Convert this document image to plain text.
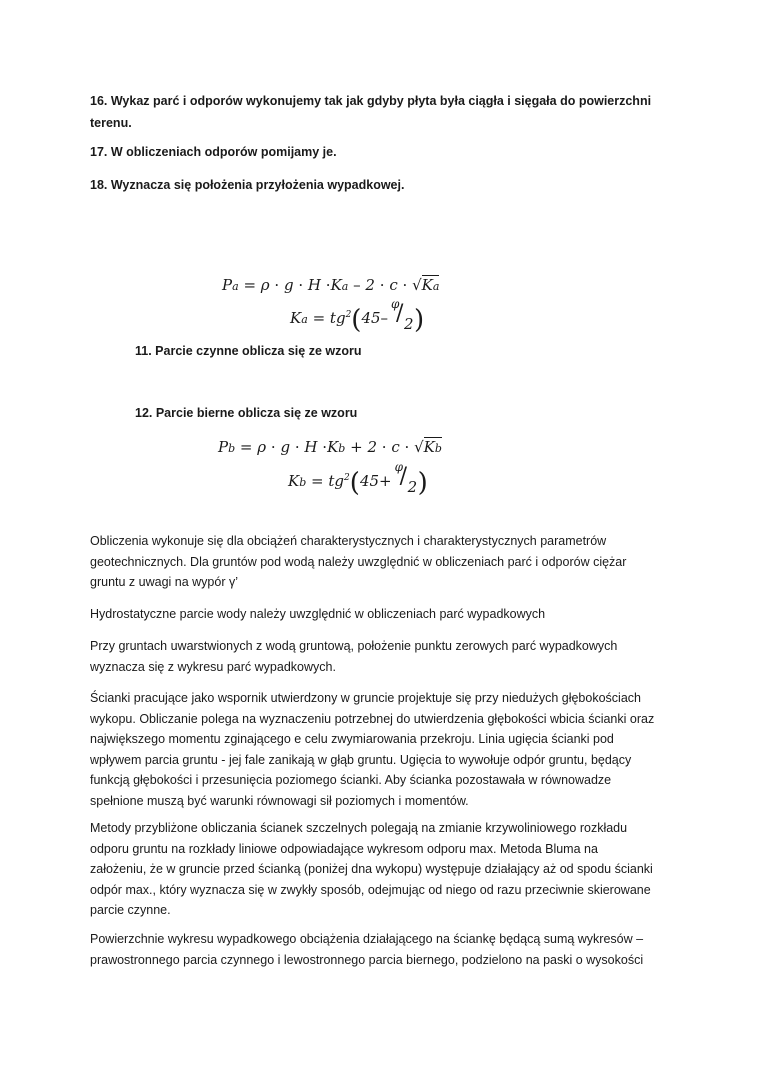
16. Wykaz parć i odporów wykonujemy tak jak gdyby płyta była ciągła i sięgała do powierzchni
terenu.
17. W obliczeniach odporów pomijamy je.
18. Wyznacza się położenia przyłożenia wypadkowej.
Pa = ρ · g · H ·Ka – 2 · c · √Ka
$Ka = tg^2(45-$
φ
/ 2 )
11. Parcie czynne oblicza się ze wzoru
12. Parcie bierne oblicza się ze wzoru
Pb = ρ · g · H ·Kb + 2 · c · √Kb
$Kb = tg^2(45+$
φ
/ 2 )
Obliczenia wykonuje się dla obciążeń charakterystycznych i charakterystycznych parametrów
geotechnicznych. Dla gruntów pod wodą należy uwzględnić w obliczeniach parć i odporów ciężar
gruntu z uwagi na wypór γ’
Hydrostatyczne parcie wody należy uwzględnić w obliczeniach parć wypadkowych
Przy gruntach uwarstwionych z wodą gruntową, położenie punktu zerowych parć wypadkowych
wyznacza się z wykresu parć wypadkowych.
Ścianki pracujące jako wspornik utwierdzony w gruncie projektuje się przy niedużych głębokościach
wykopu. Obliczanie polega na wyznaczeniu potrzebnej do utwierdzenia głębokości wbicia ścianki oraz
największego momentu zginającego e celu zwymiarowania przekroju. Linia ugięcia ścianki pod
wpływem parcia gruntu - jej fale zanikają w głąb gruntu. Ugięcia to wywołuje odpór gruntu, będący
funkcją głębokości i przesunięcia poziomego ścianki. Aby ścianka pozostawała w równowadze
spełnione muszą być warunki równowagi sił poziomych i momentów.
Metody przybliżone obliczania ścianek szczelnych polegają na zmianie krzywoliniowego rozkładu
odporu gruntu na rozkłady liniowe odpowiadające wykresom odporu max. Metoda Bluma na
założeniu, że w gruncie przed ścianką (poniżej dna wykopu) występuje działający aż od spodu ścianki
odpór max., który wyznacza się w zwykły sposób, odejmując od niego od razu przeciwnie skierowane
parcie czynne.
Powierzchnie wykresu wypadkowego obciążenia działającego na ściankę będącą sumą wykresów –
prawostronnego parcia czynnego i lewostronnego parcia biernego, podzielono na paski o wysokości
